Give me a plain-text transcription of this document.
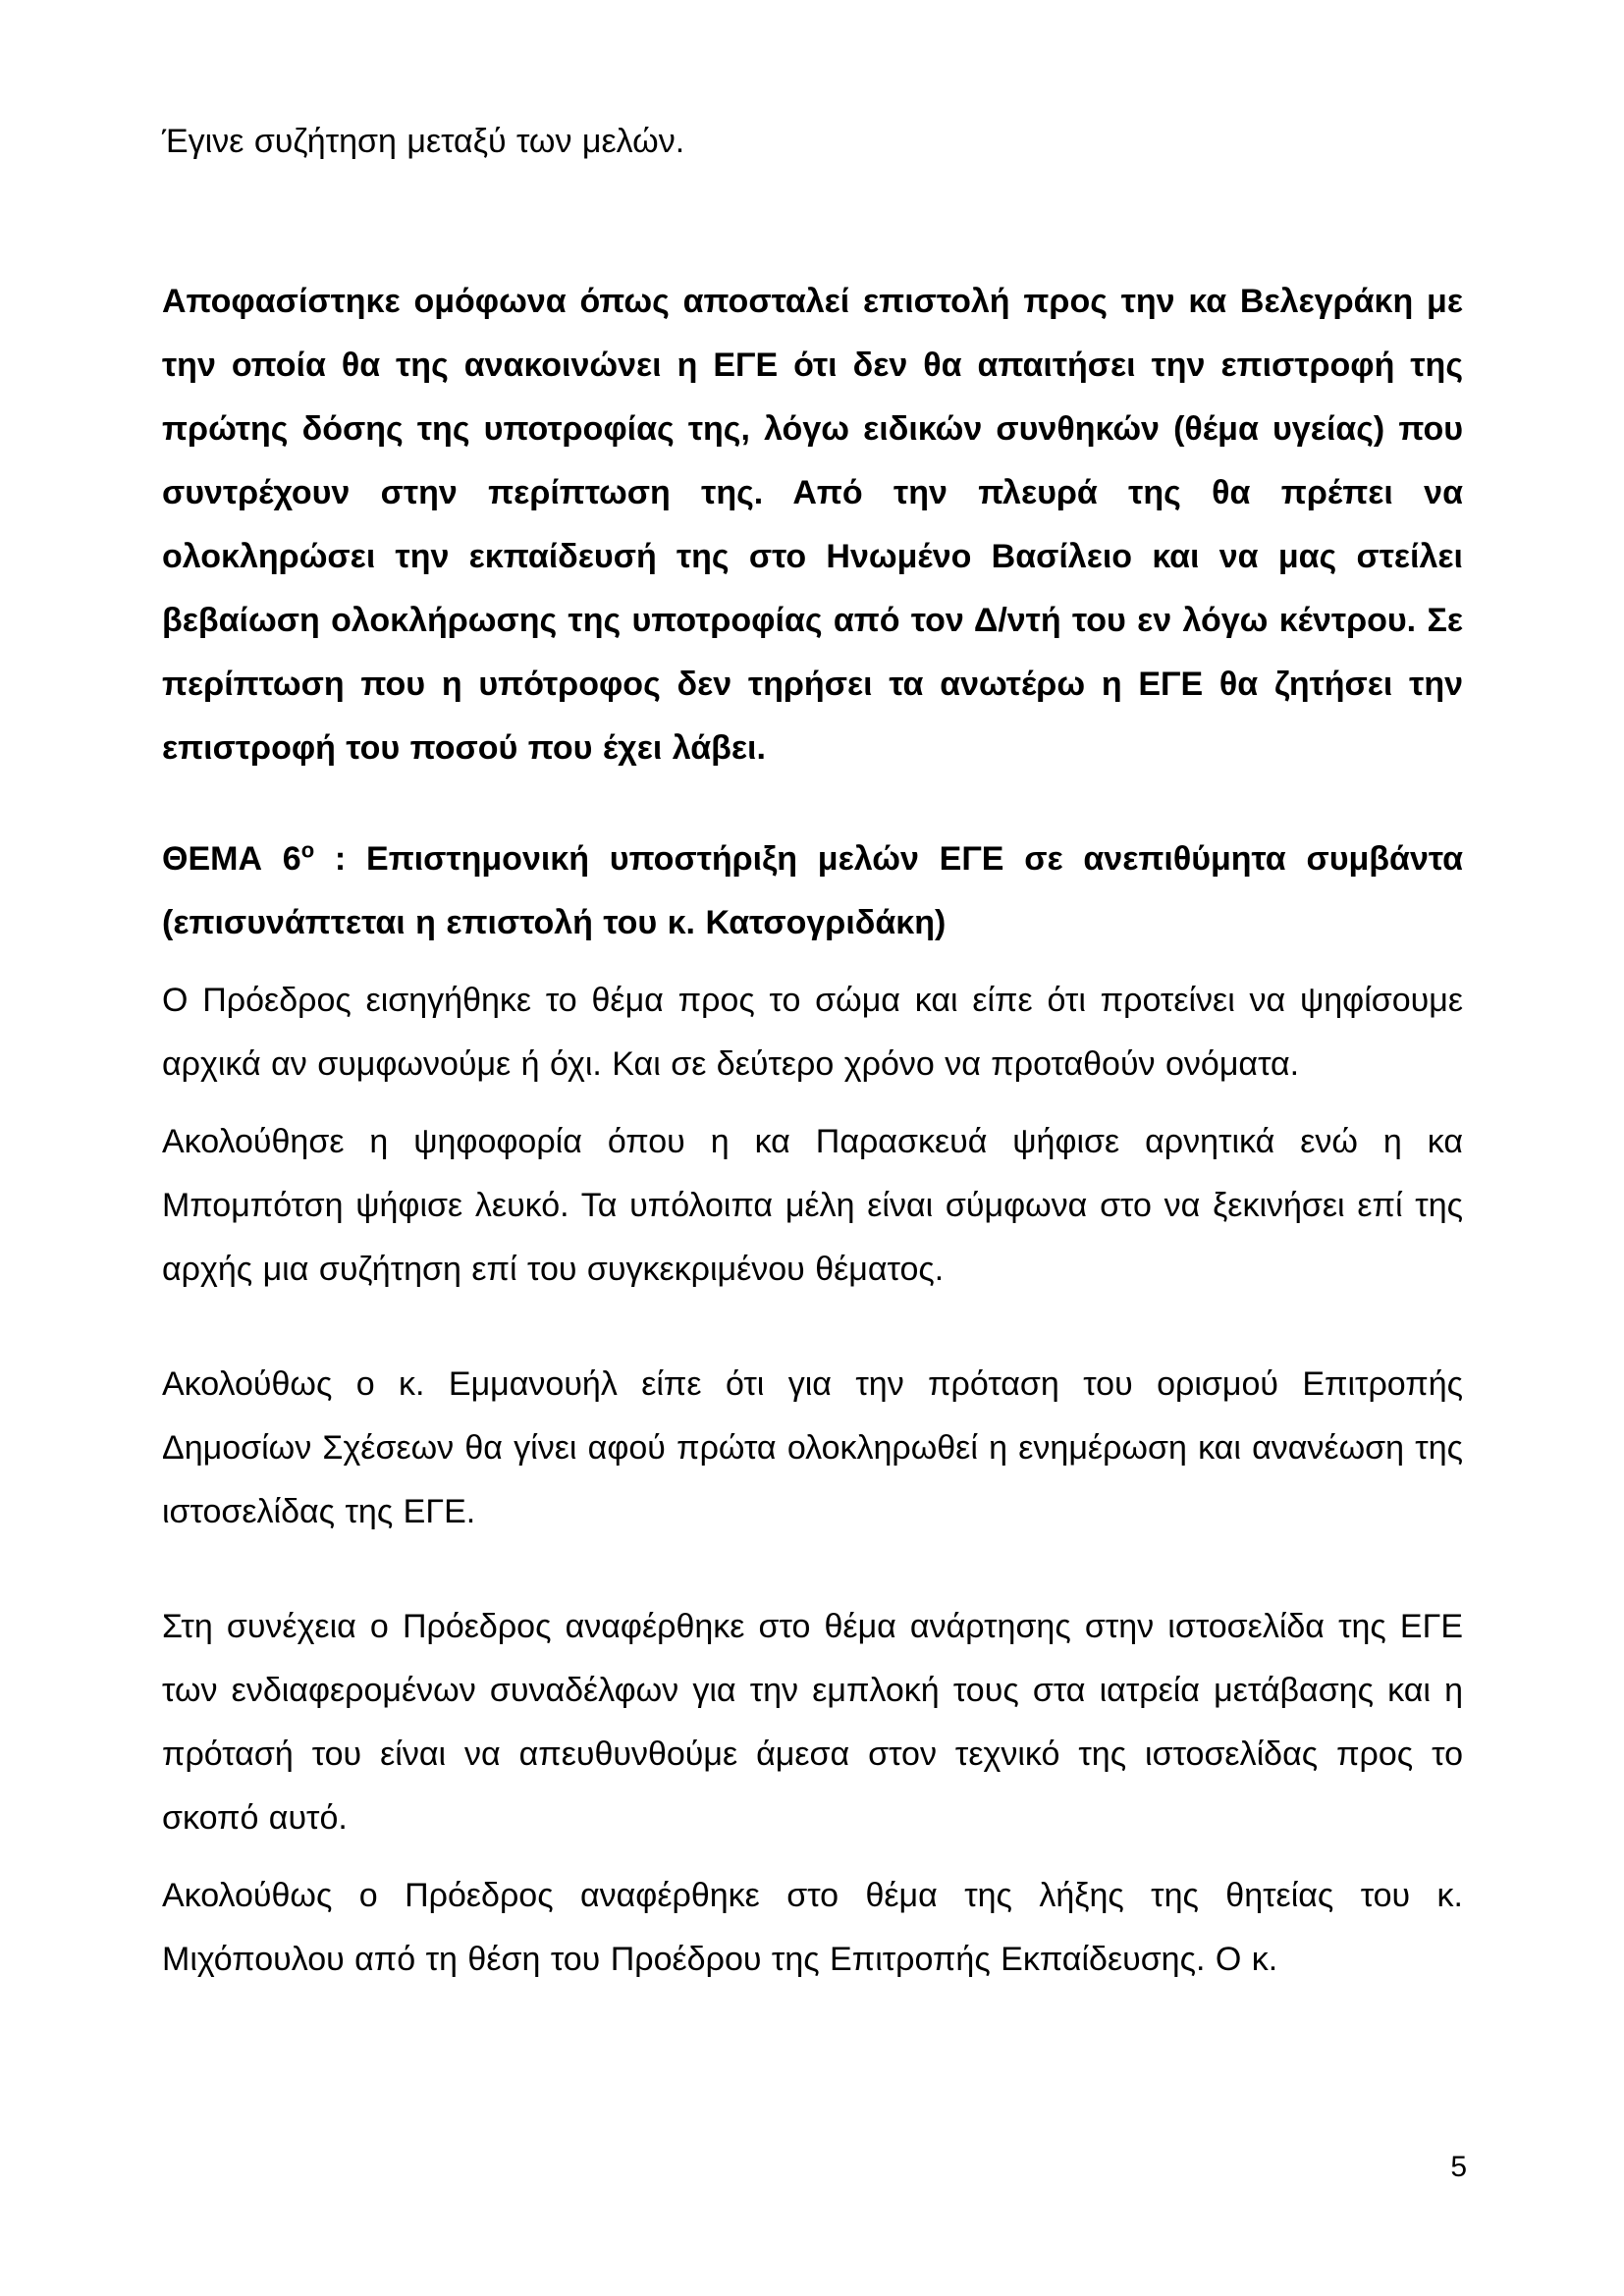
Έγινε συζήτηση μεταξύ των μελών.

Αποφασίστηκε ομόφωνα όπως αποσταλεί επιστολή προς την κα Βελεγράκη με την οποία θα της ανακοινώνει η ΕΓΕ ότι δεν θα απαιτήσει την επιστροφή της πρώτης δόσης της υποτροφίας της, λόγω ειδικών συνθηκών (θέμα υγείας) που συντρέχουν στην περίπτωση της. Από την πλευρά της θα πρέπει να ολοκληρώσει την εκπαίδευσή της στο Ηνωμένο Βασίλειο και να μας στείλει βεβαίωση ολοκλήρωσης της υποτροφίας από τον Δ/ντή του εν λόγω κέντρου. Σε περίπτωση που η υπότροφος δεν τηρήσει τα ανωτέρω η ΕΓΕ θα ζητήσει την επιστροφή του ποσού που έχει λάβει.

ΘΕΜΑ $6^o$ : Επιστημονική υποστήριξη μελών ΕΓΕ σε ανεπιθύμητα συμβάντα (επισυνάπτεται η επιστολή του κ. Κατσογριδάκη)

Ο Πρόεδρος εισηγήθηκε το θέμα προς το σώμα και είπε ότι προτείνει να ψηφίσουμε αρχικά αν συμφωνούμε ή όχι. Και σε δεύτερο χρόνο να προταθούν ονόματα.

Ακολούθησε η ψηφοφορία όπου η κα Παρασκευά ψήφισε αρνητικά ενώ η κα Μπομπότση ψήφισε λευκό. Τα υπόλοιπα μέλη είναι σύμφωνα στο να ξεκινήσει επί της αρχής μια συζήτηση επί του συγκεκριμένου θέματος.

Ακολούθως ο κ. Εμμανουήλ είπε ότι για την πρόταση του ορισμού Επιτροπής Δημοσίων Σχέσεων θα γίνει αφού πρώτα ολοκληρωθεί η ενημέρωση και ανανέωση της ιστοσελίδας της ΕΓΕ.

Στη συνέχεια ο Πρόεδρος αναφέρθηκε στο θέμα ανάρτησης στην ιστοσελίδα της ΕΓΕ των ενδιαφερομένων συναδέλφων για την εμπλοκή τους στα ιατρεία μετάβασης και η πρότασή του είναι να απευθυνθούμε άμεσα στον τεχνικό της ιστοσελίδας προς το σκοπό αυτό.

Ακολούθως ο Πρόεδρος αναφέρθηκε στο θέμα της λήξης της θητείας του κ. Μιχόπουλου από τη θέση του Προέδρου της Επιτροπής Εκπαίδευσης. Ο κ.

5
